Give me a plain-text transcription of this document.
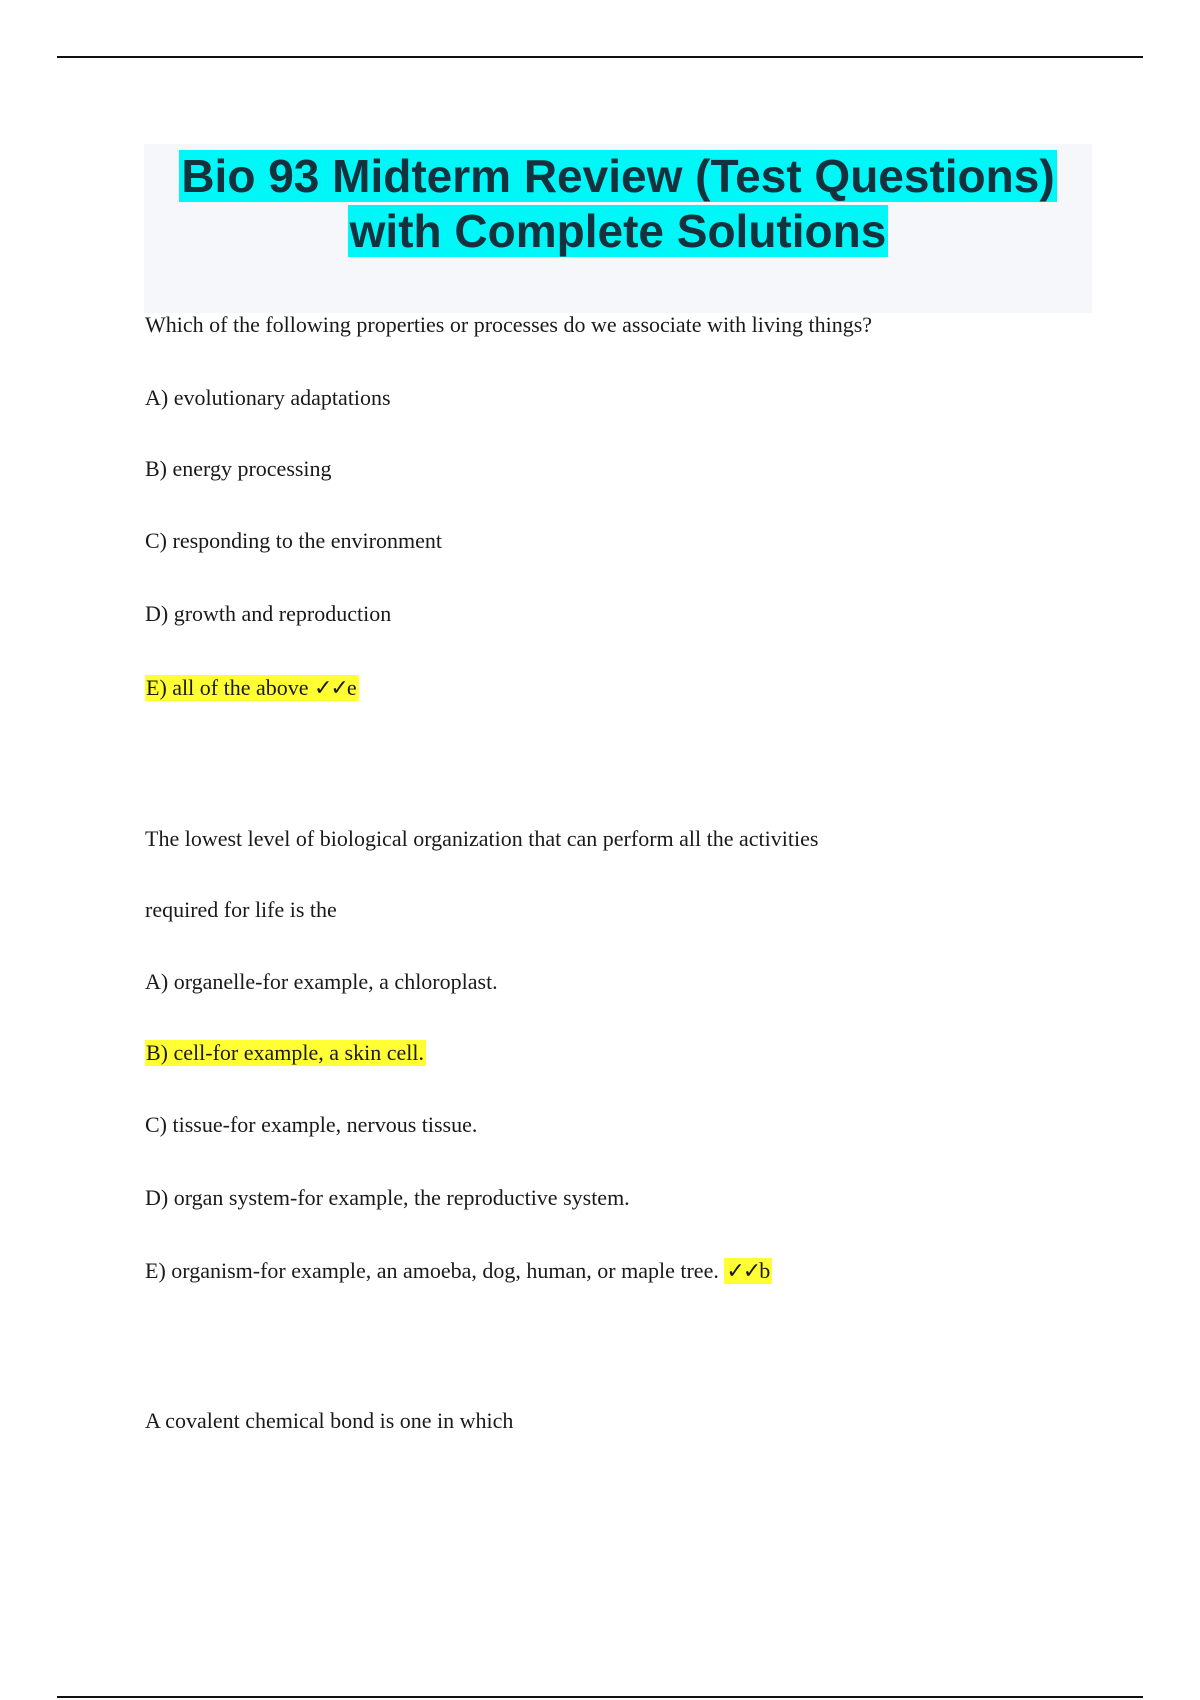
Bio 93 Midterm Review (Test Questions)
with Complete Solutions
Which of the following properties or processes do we associate with living things?
A) evolutionary adaptations
B) energy processing
C) responding to the environment
D) growth and reproduction
E) all of the above ✓✓e
The lowest level of biological organization that can perform all the activities
required for life is the
A) organelle-for example, a chloroplast.
B) cell-for example, a skin cell.
C) tissue-for example, nervous tissue.
D) organ system-for example, the reproductive system.
E) organism-for example, an amoeba, dog, human, or maple tree. ✓✓b
A covalent chemical bond is one in which
